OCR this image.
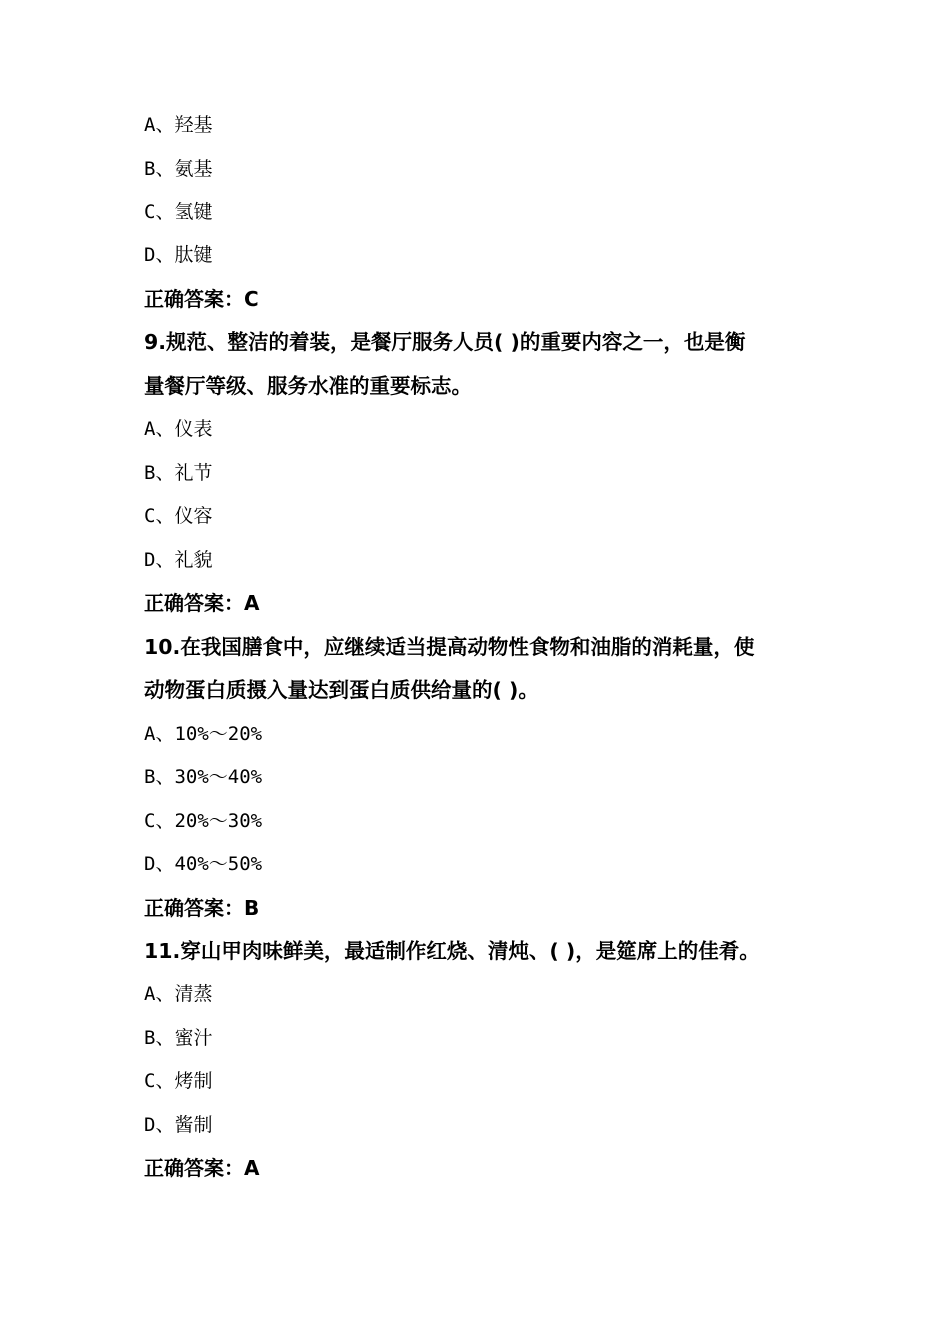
A、羟基
B、氨基
C、氢键
D、肽键
正确答案：C
9.规范、整洁的着装，是餐厅服务人员( )的重要内容之一，也是衡
量餐厅等级、服务水准的重要标志。
A、仪表
B、礼节
C、仪容
D、礼貌
正确答案：A
10.在我国膳食中，应继续适当提高动物性食物和油脂的消耗量，使
动物蛋白质摄入量达到蛋白质供给量的( )。
A、10%～20%
B、30%～40%
C、20%～30%
D、40%～50%
正确答案：B
11.穿山甲肉味鲜美，最适制作红烧、清炖、( )，是筵席上的佳肴。
A、清蒸
B、蜜汁
C、烤制
D、酱制
正确答案：A
